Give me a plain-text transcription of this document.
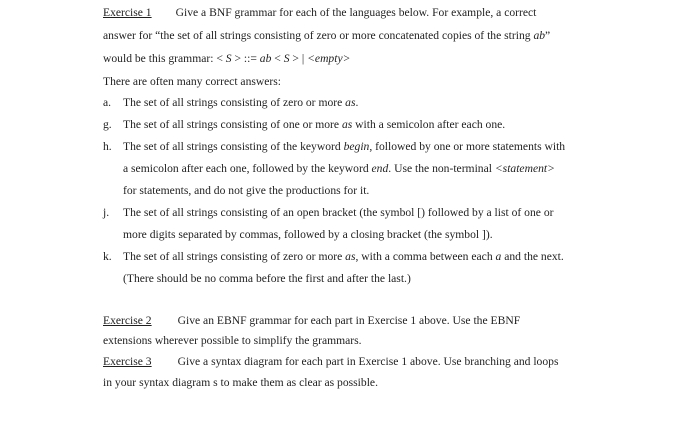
Exercise 1 Give a BNF grammar for each of the languages below. For example, a correct
answer for “the set of all strings consisting of zero or more concatenated copies of the string ab”
would be this grammar: < S > ::= ab < S > | <empty>
There are often many correct answers:
a. The set of all strings consisting of zero or more as.
g. The set of all strings consisting of one or more as with a semicolon after each one.
h. The set of all strings consisting of the keyword begin, followed by one or more statements with
a semicolon after each one, followed by the keyword end. Use the non-terminal <statement>
for statements, and do not give the productions for it.
j. The set of all strings consisting of an open bracket (the symbol [) followed by a list of one or
more digits separated by commas, followed by a closing bracket (the symbol ]).
k. The set of all strings consisting of zero or more as, with a comma between each a and the next.
(There should be no comma before the first and after the last.)
Exercise 2 Give an EBNF grammar for each part in Exercise 1 above. Use the EBNF
extensions wherever possible to simplify the grammars.
Exercise 3 Give a syntax diagram for each part in Exercise 1 above. Use branching and loops
in your syntax diagram s to make them as clear as possible.
